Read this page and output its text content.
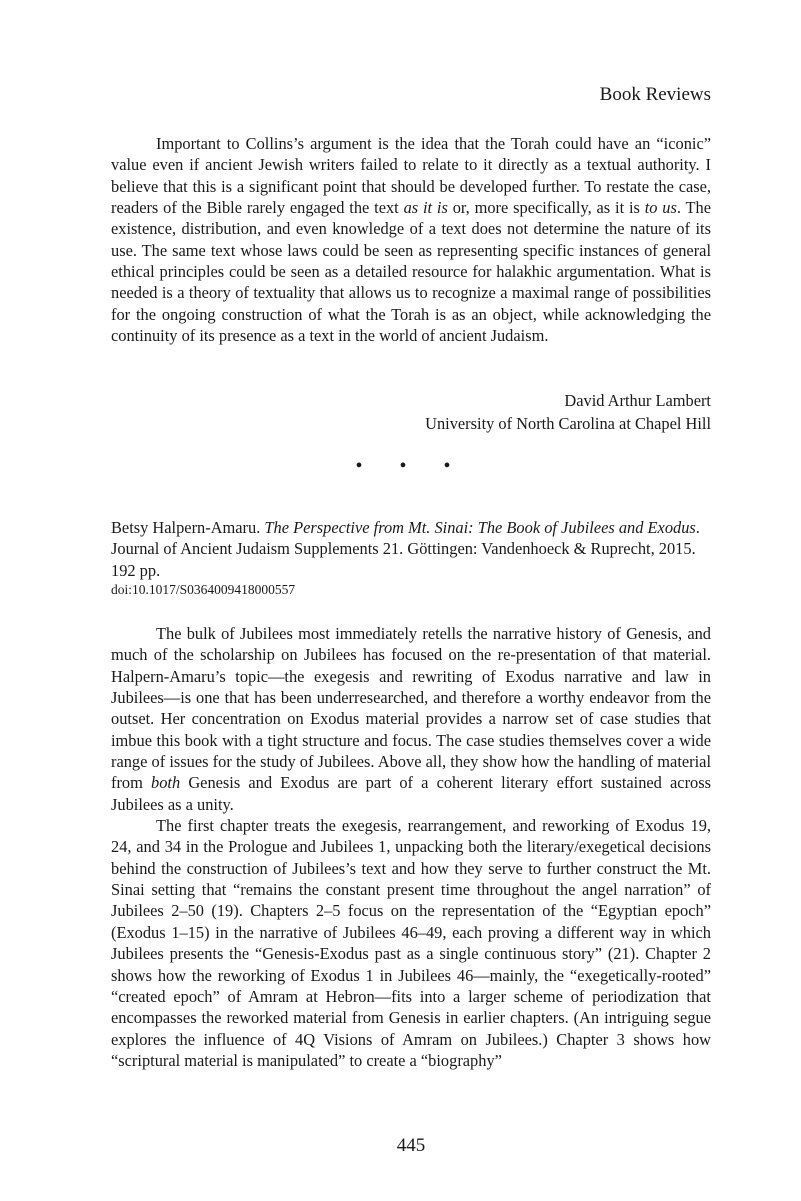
Book Reviews

Important to Collins’s argument is the idea that the Torah could have an “iconic” value even if ancient Jewish writers failed to relate to it directly as a textual authority. I believe that this is a significant point that should be developed further. To restate the case, readers of the Bible rarely engaged the text as it is or, more specifically, as it is to us. The existence, distribution, and even knowledge of a text does not determine the nature of its use. The same text whose laws could be seen as representing specific instances of general ethical principles could be seen as a detailed resource for halakhic argumentation. What is needed is a theory of textuality that allows us to recognize a maximal range of possibilities for the ongoing construction of what the Torah is as an object, while acknowledging the continuity of its presence as a text in the world of ancient Judaism.

David Arthur Lambert
University of North Carolina at Chapel Hill
• • •
Betsy Halpern-Amaru. The Perspective from Mt. Sinai: The Book of Jubilees and Exodus. Journal of Ancient Judaism Supplements 21. Göttingen: Vandenhoeck & Ruprecht, 2015. 192 pp.
doi:10.1017/S0364009418000557

The bulk of Jubilees most immediately retells the narrative history of Genesis, and much of the scholarship on Jubilees has focused on the re-presentation of that material. Halpern-Amaru’s topic—the exegesis and rewriting of Exodus narrative and law in Jubilees—is one that has been underresearched, and therefore a worthy endeavor from the outset. Her concentration on Exodus material provides a narrow set of case studies that imbue this book with a tight structure and focus. The case studies themselves cover a wide range of issues for the study of Jubilees. Above all, they show how the handling of material from both Genesis and Exodus are part of a coherent literary effort sustained across Jubilees as a unity.

The first chapter treats the exegesis, rearrangement, and reworking of Exodus 19, 24, and 34 in the Prologue and Jubilees 1, unpacking both the literary/exegetical decisions behind the construction of Jubilees’s text and how they serve to further construct the Mt. Sinai setting that “remains the constant present time throughout the angel narration” of Jubilees 2–50 (19). Chapters 2–5 focus on the representation of the “Egyptian epoch” (Exodus 1–15) in the narrative of Jubilees 46–49, each proving a different way in which Jubilees presents the “Genesis-Exodus past as a single continuous story” (21). Chapter 2 shows how the reworking of Exodus 1 in Jubilees 46—mainly, the “exegetically-rooted” “created epoch” of Amram at Hebron—fits into a larger scheme of periodization that encompasses the reworked material from Genesis in earlier chapters. (An intriguing segue explores the influence of 4Q Visions of Amram on Jubilees.) Chapter 3 shows how “scriptural material is manipulated” to create a “biography”

445
